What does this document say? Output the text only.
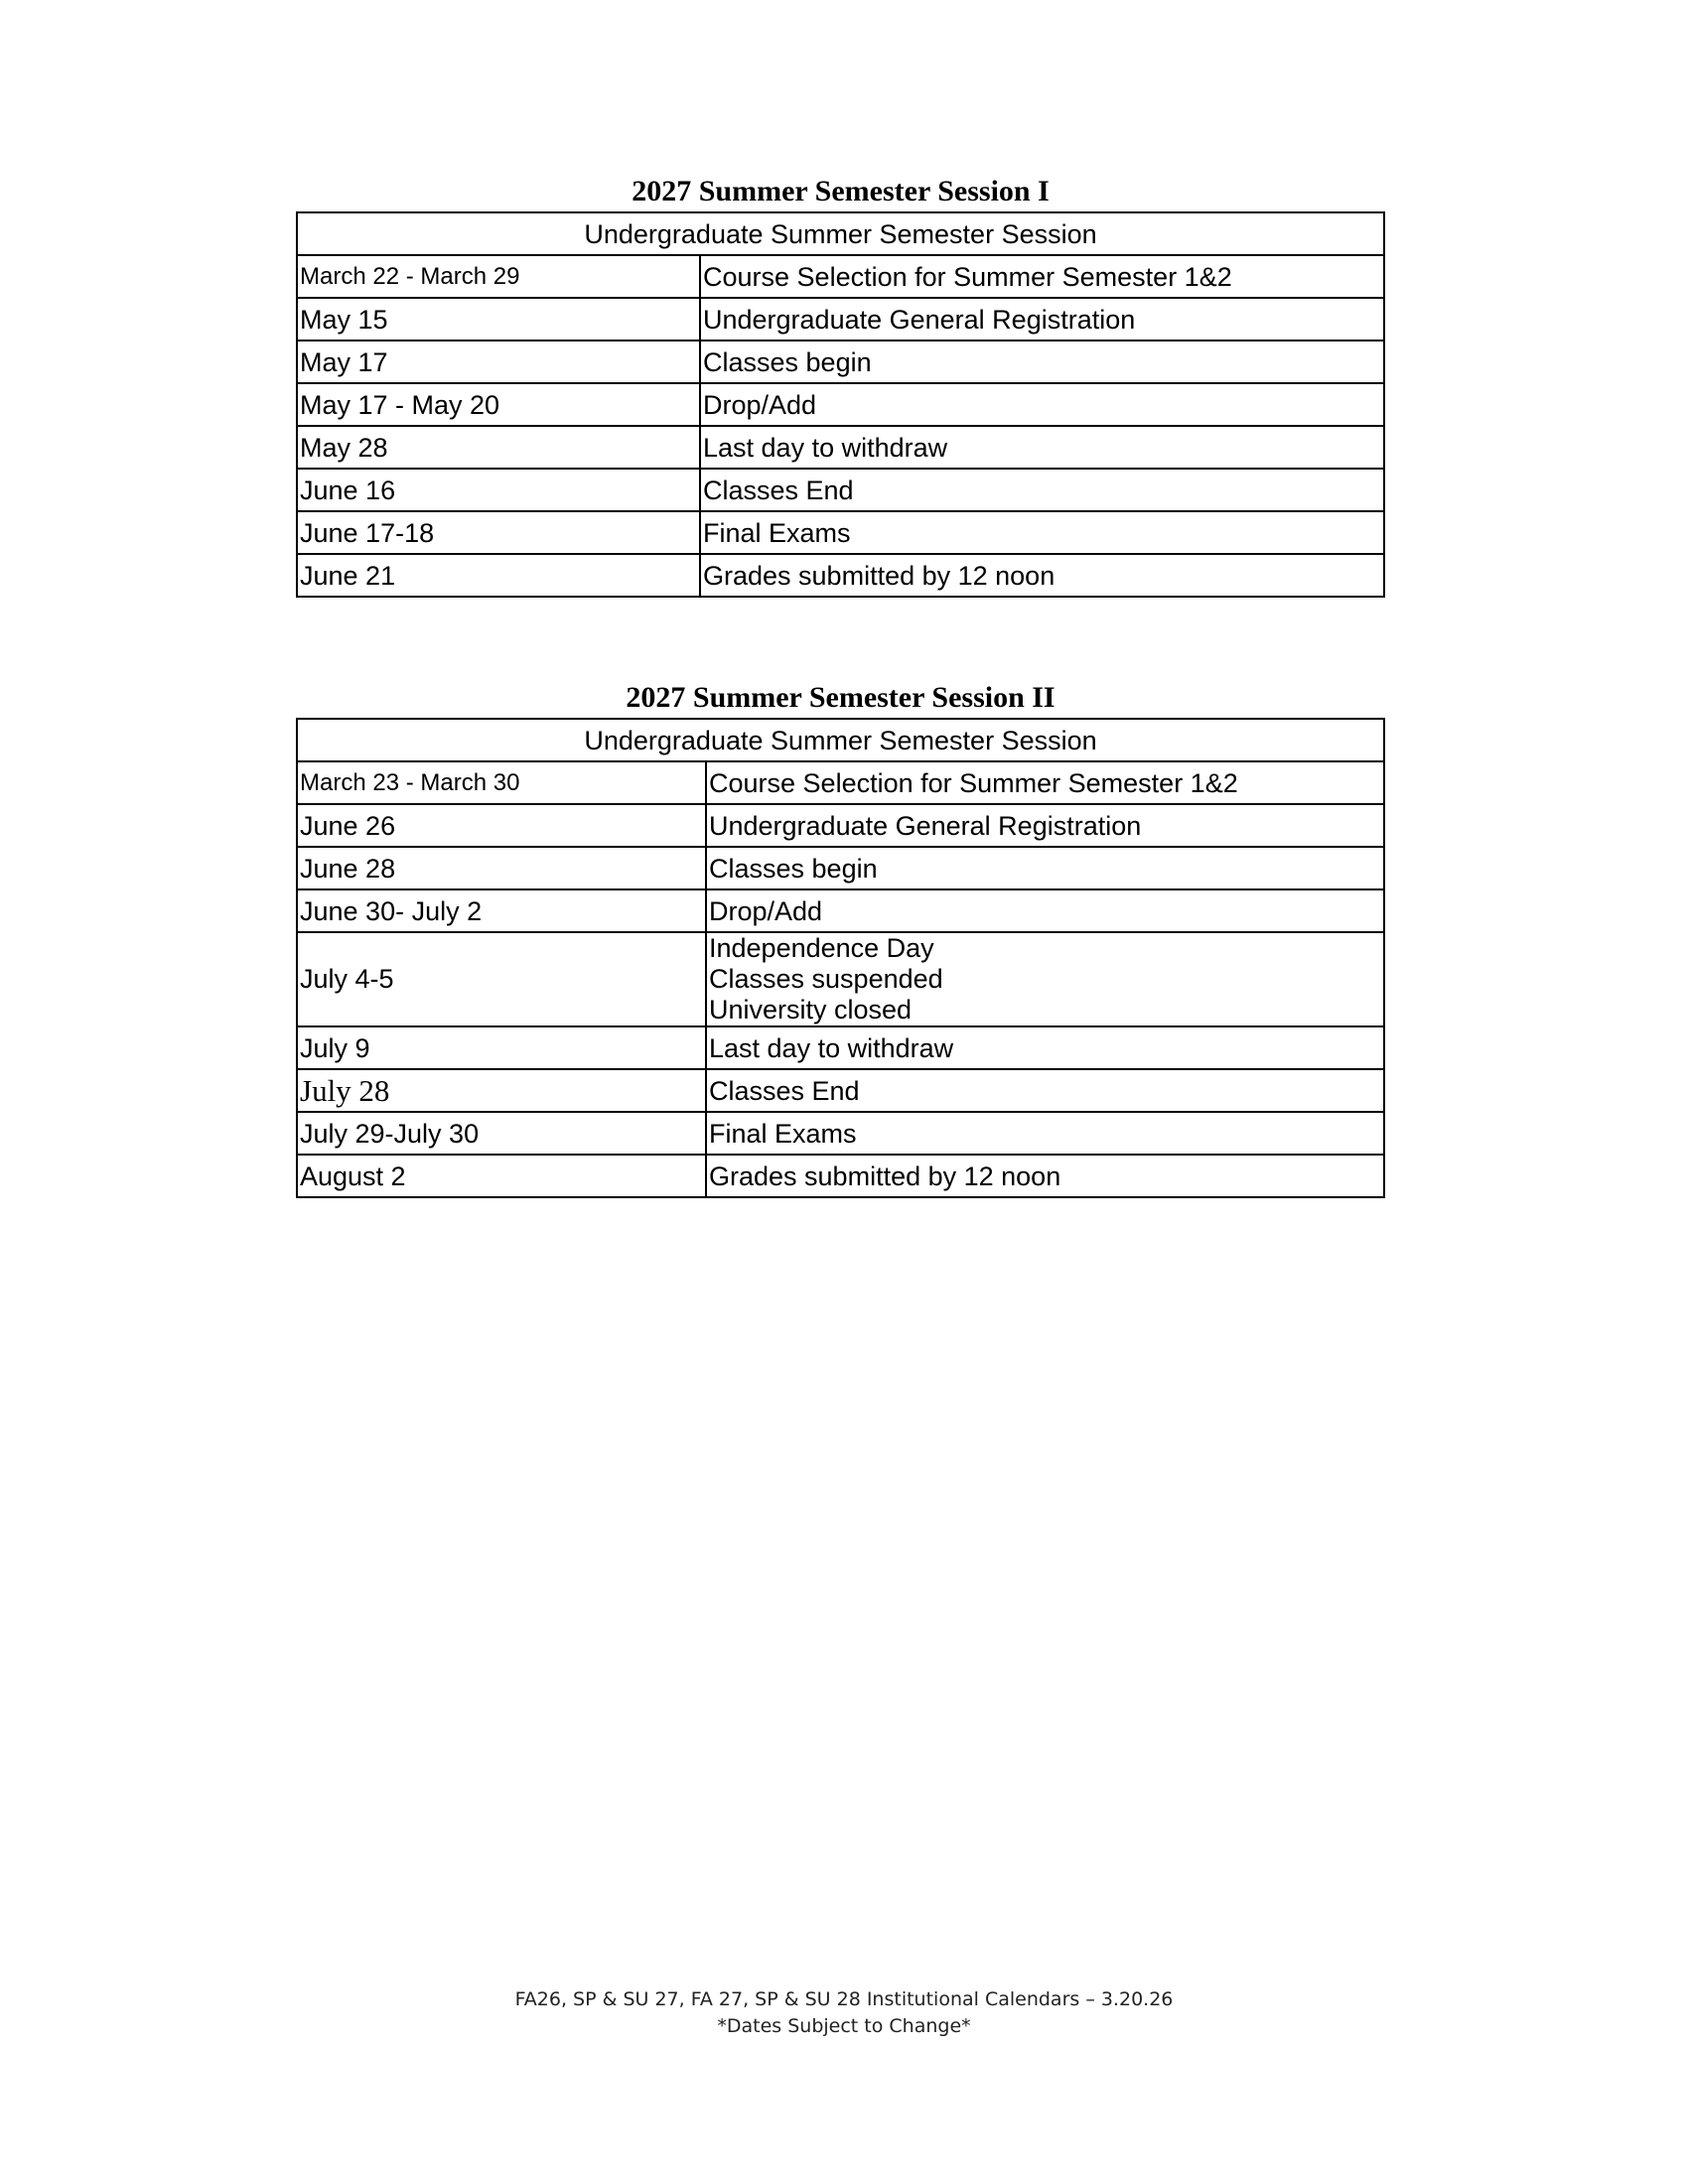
2027 Summer Semester Session I
Undergraduate Summer Semester Session	
March 22 - March 29	Course Selection for Summer Semester 1&2
May 15	Undergraduate General Registration
May 17	Classes begin
May 17 - May 20	Drop/Add
May 28	Last day to withdraw
June 16	Classes End
June 17-18	Final Exams
June 21	Grades submitted by 12 noon
2027 Summer Semester Session II
Undergraduate Summer Semester Session	
March 23 - March 30	Course Selection for Summer Semester 1&2
June 26	Undergraduate General Registration
June 28	Classes begin
June 30- July 2	Drop/Add
July 4-5	Independence Day
Classes suspended
University closed

July 9	Last day to withdraw
July 28	Classes End
July 29-July 30	Final Exams
August 2	Grades submitted by 12 noon
FA26, SP & SU 27, FA 27, SP & SU 28 Institutional Calendars – 3.20.26
*Dates Subject to Change*
